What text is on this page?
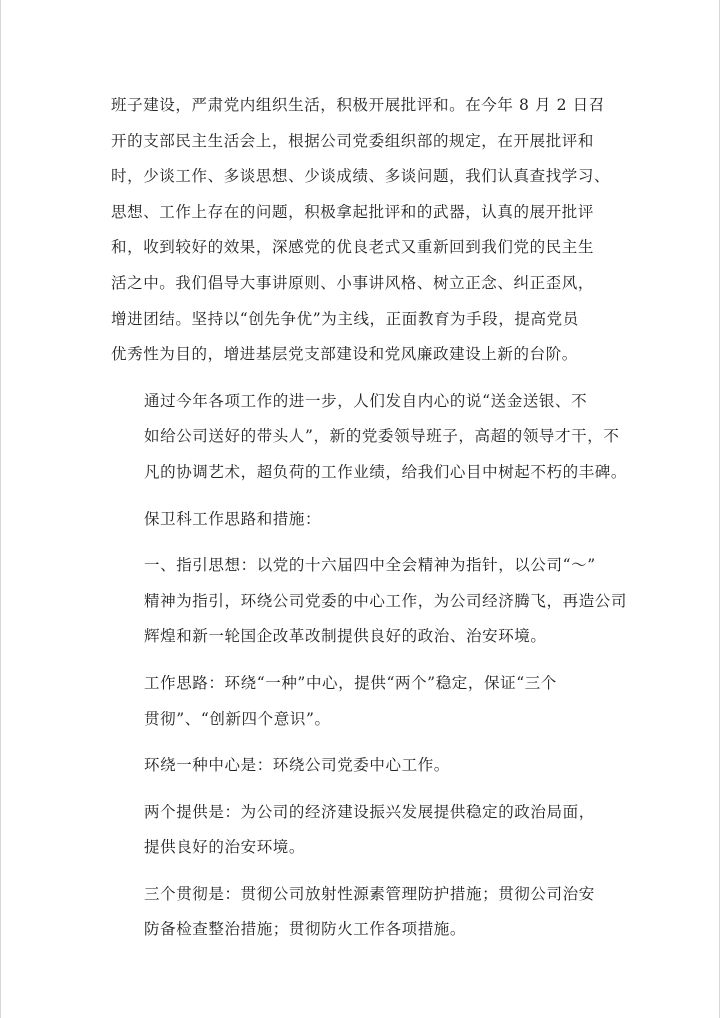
班子建设，严肃党内组织生活，积极开展批评和。在今年 8 月 2 日召
开的支部民主生活会上，根据公司党委组织部的规定，在开展批评和
时，少谈工作、多谈思想、少谈成绩、多谈问题，我们认真查找学习、
思想、工作上存在的问题，积极拿起批评和的武器，认真的展开批评
和，收到较好的效果，深感党的优良老式又重新回到我们党的民主生
活之中。我们倡导大事讲原则、小事讲风格、树立正念、纠正歪风，
增进团结。坚持以“创先争优”为主线，正面教育为手段，提高党员
优秀性为目的，增进基层党支部建设和党风廉政建设上新的台阶。

通过今年各项工作的进一步，人们发自内心的说“送金送银、不
如给公司送好的带头人”，新的党委领导班子，高超的领导才干，不
凡的协调艺术，超负荷的工作业绩，给我们心目中树起不朽的丰碑。

保卫科工作思路和措施：

一、指引思想：以党的十六届四中全会精神为指针，以公司“～”
精神为指引，环绕公司党委的中心工作，为公司经济腾飞，再造公司
辉煌和新一轮国企改革改制提供良好的政治、治安环境。

工作思路：环绕“一种”中心，提供“两个”稳定，保证“三个
贯彻”、“创新四个意识”。

环绕一种中心是：环绕公司党委中心工作。

两个提供是：为公司的经济建设振兴发展提供稳定的政治局面，
提供良好的治安环境。

三个贯彻是：贯彻公司放射性源素管理防护措施；贯彻公司治安
防备检查整治措施；贯彻防火工作各项措施。
